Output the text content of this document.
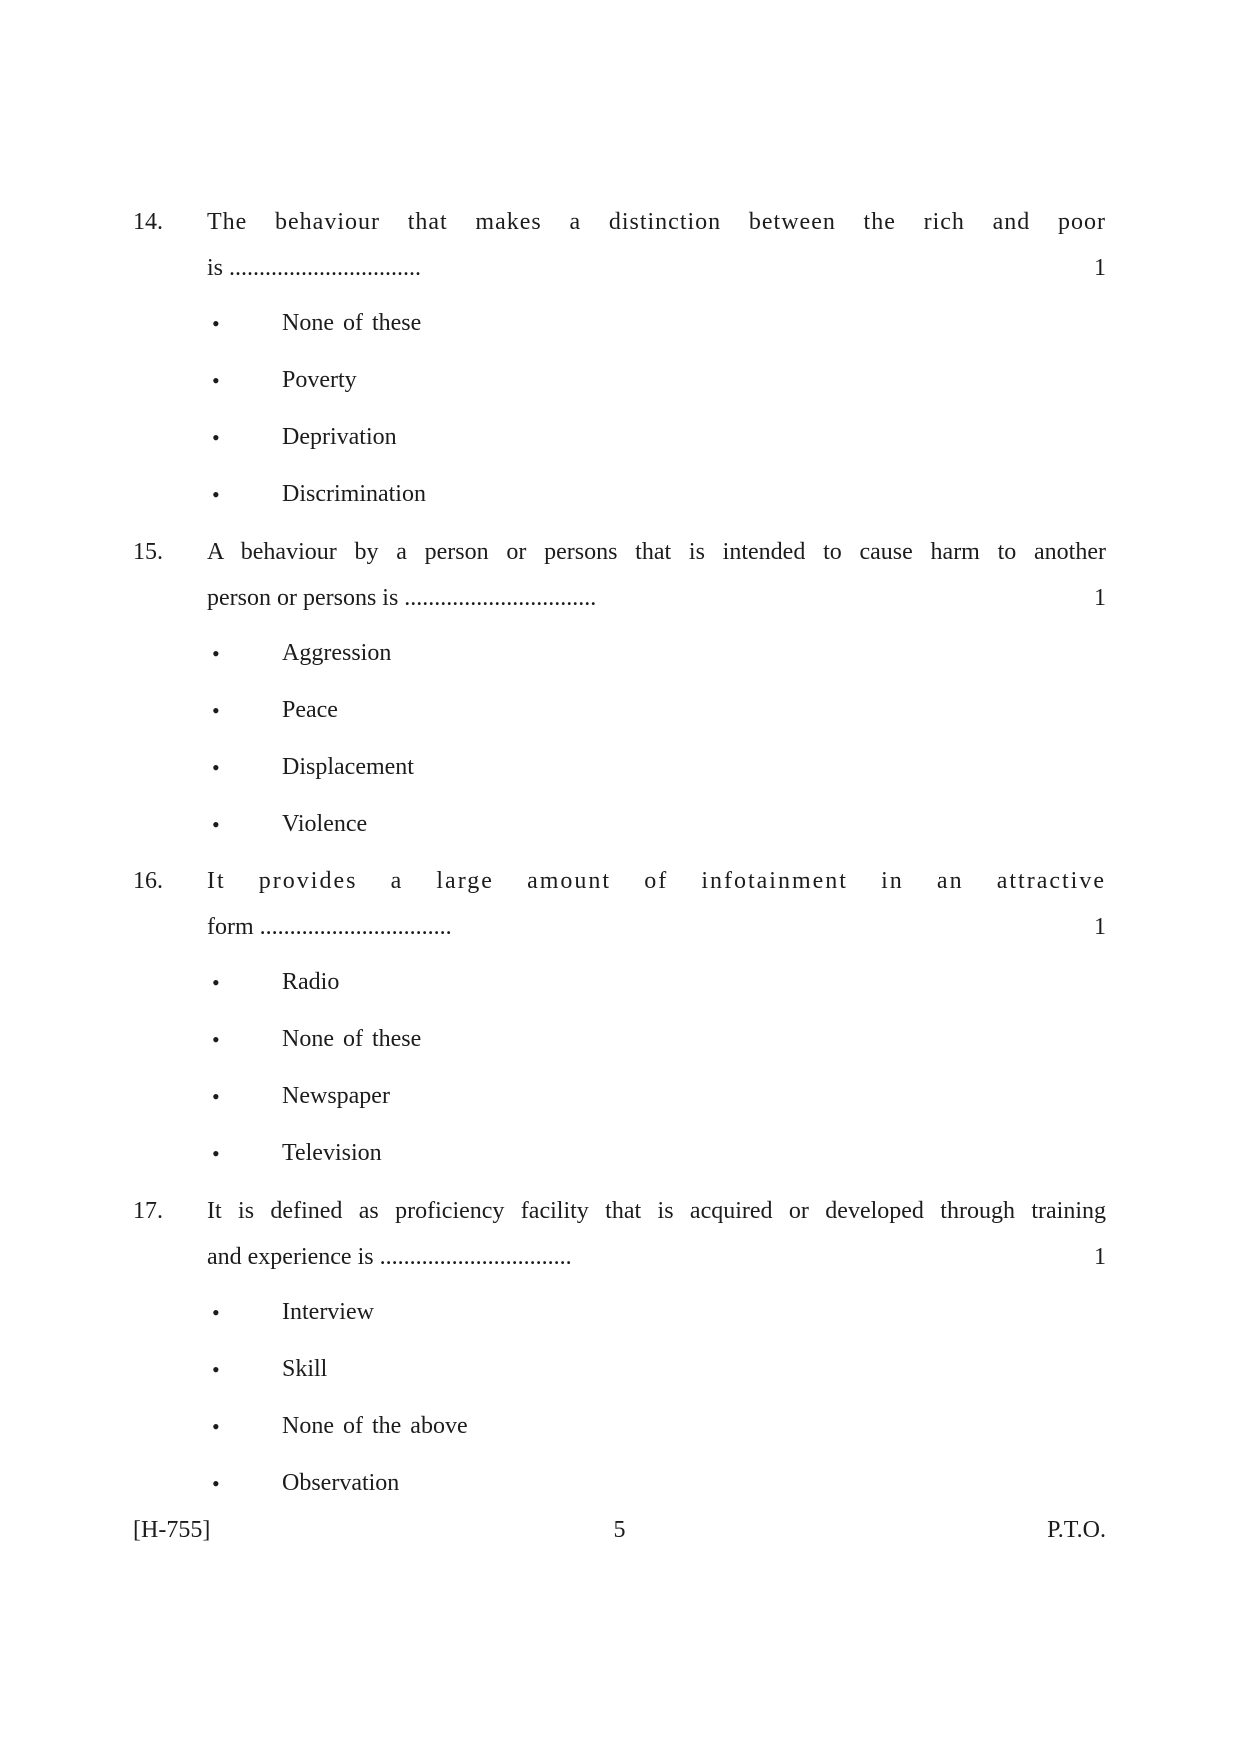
14. The behaviour that makes a distinction between the rich and poor
is ................................	1
•	None of these
•	Poverty
•	Deprivation
•	Discrimination
15. A behaviour by a person or persons that is intended to cause harm to another
person or persons is ................................	1
•	Aggression
•	Peace
•	Displacement
•	Violence
16. It provides a large amount of infotainment in an attractive
form ................................	1
•	Radio
•	None of these
•	Newspaper
•	Television
17. It is defined as proficiency facility that is acquired or developed through training
and experience is ................................	1
•	Interview
•	Skill
•	None of the above
•	Observation
[H-755]	5	P.T.O.
